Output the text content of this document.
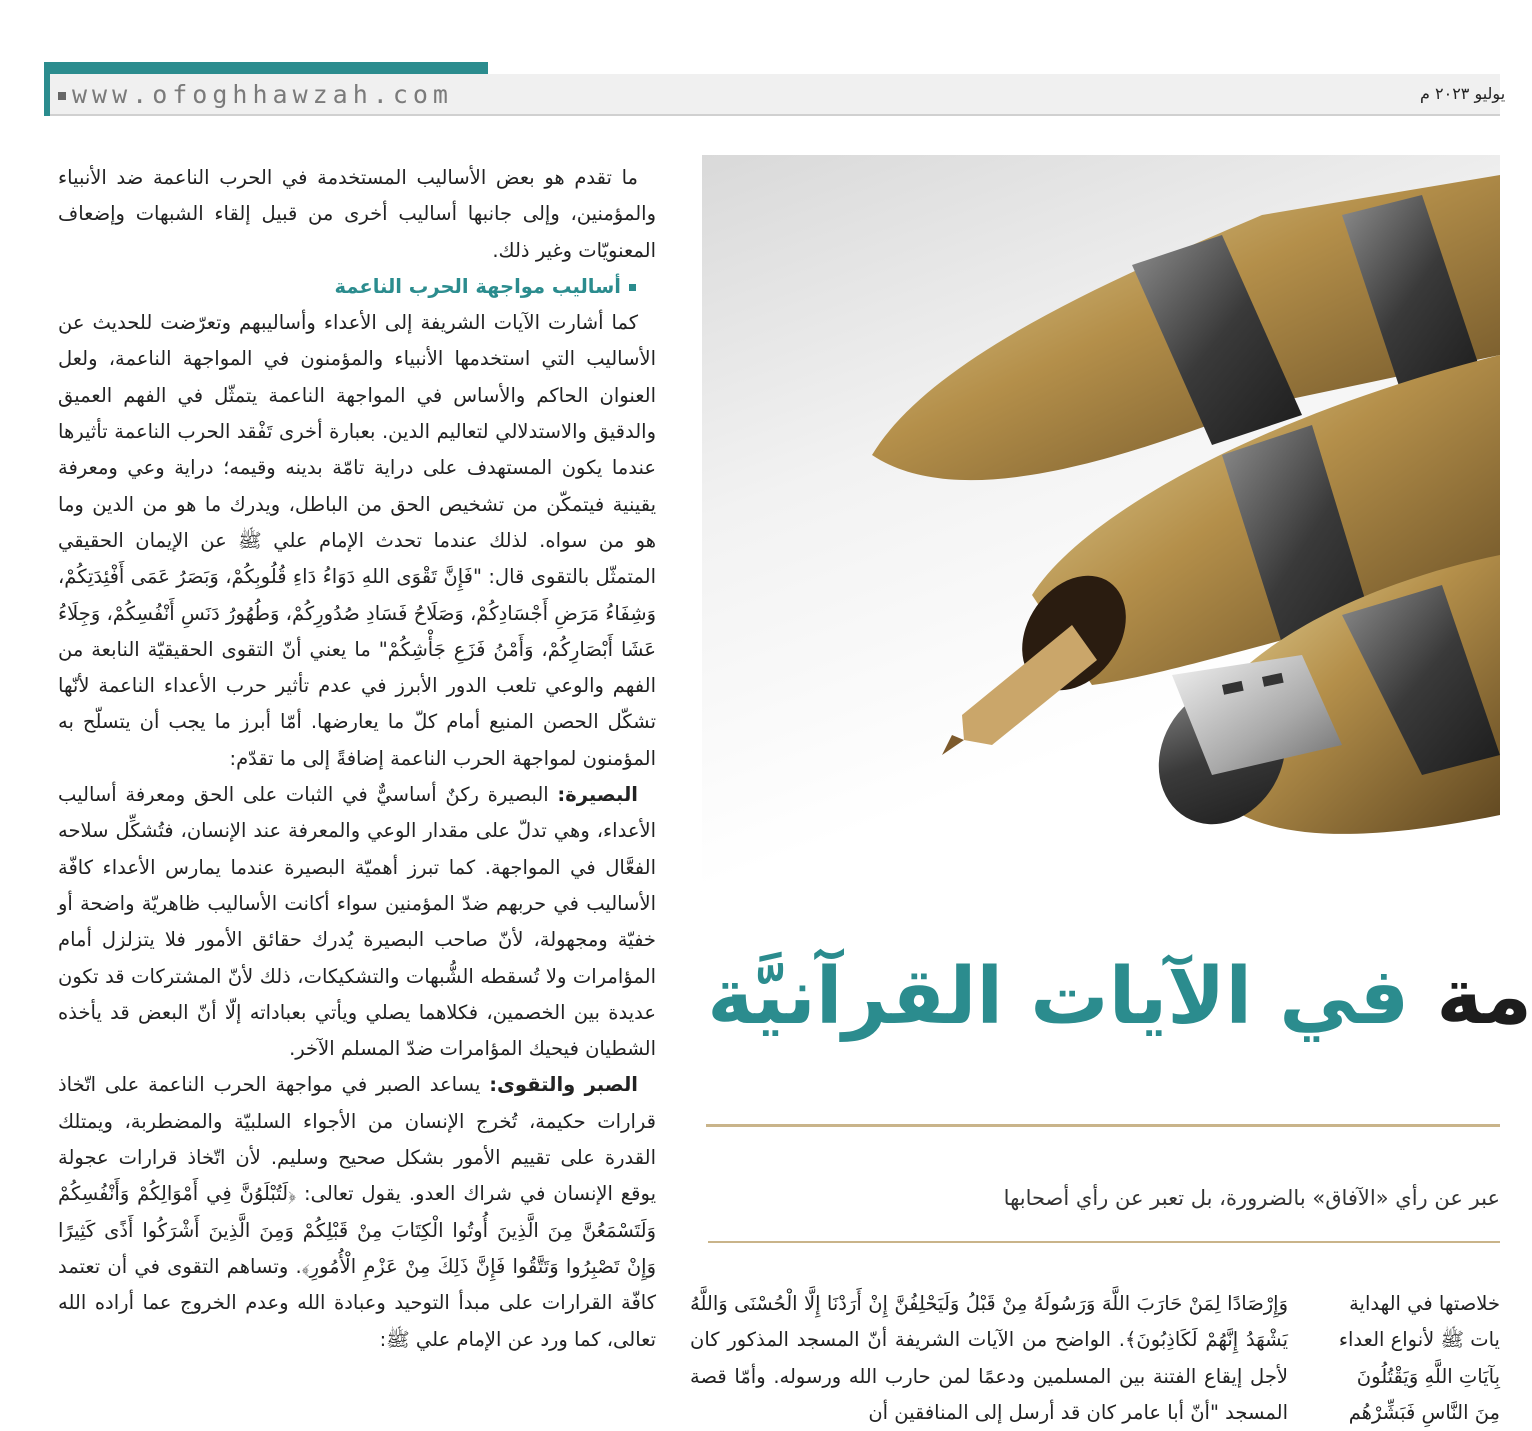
www.ofoghhawzah.com	يوليو ٢٠٢٣ م

ما تقدم هو بعض الأساليب المستخدمة في الحرب الناعمة ضد الأنبياء والمؤمنين، وإلى جانبها أساليب أخرى من قبيل إلقاء الشبهات وإضعاف المعنويّات وغير ذلك.

أساليب مواجهة الحرب الناعمة

كما أشارت الآيات الشريفة إلى الأعداء وأساليبهم وتعرّضت للحديث عن الأساليب التي استخدمها الأنبياء والمؤمنون في المواجهة الناعمة، ولعل العنوان الحاكم والأساس في المواجهة الناعمة يتمثّل في الفهم العميق والدقيق والاستدلالي لتعاليم الدين. بعبارة أخرى تَفْقد الحرب الناعمة تأثيرها عندما يكون المستهدف على دراية تامّة بدينه وقيمه؛ دراية وعي ومعرفة يقينية فيتمكّن من تشخيص الحق من الباطل، ويدرك ما هو من الدين وما هو من سواه. لذلك عندما تحدث الإمام علي ﷺ عن الإيمان الحقيقي المتمثّل بالتقوى قال: "فَإِنَّ تَقْوَى اللهِ دَوَاءُ دَاءِ قُلُوبِكُمْ، وَبَصَرُ عَمَى أَفْئِدَتِكُمْ، وَشِفَاءُ مَرَضِ أَجْسَادِكُمْ، وَصَلَاحُ فَسَادِ صُدُورِكُمْ، وَطُهُورُ دَنَسِ أَنْفُسِكُمْ، وَجِلَاءُ عَشَا أَبْصَارِكُمْ، وَأَمْنُ فَزَعِ جَأْشِكُمْ" ما يعني أنّ التقوى الحقيقيّة النابعة من الفهم والوعي تلعب الدور الأبرز في عدم تأثير حرب الأعداء الناعمة لأنّها تشكّل الحصن المنيع أمام كلّ ما يعارضها. أمّا أبرز ما يجب أن يتسلّح به المؤمنون لمواجهة الحرب الناعمة إضافةً إلى ما تقدّم:

البصيرة: البصيرة ركنٌ أساسيٌّ في الثبات على الحق ومعرفة أساليب الأعداء، وهي تدلّ على مقدار الوعي والمعرفة عند الإنسان، فتُشكِّل سلاحه الفعَّال في المواجهة. كما تبرز أهميّة البصيرة عندما يمارس الأعداء كافّة الأساليب في حربهم ضدّ المؤمنين سواء أكانت الأساليب ظاهريّة واضحة أو خفيّة ومجهولة، لأنّ صاحب البصيرة يُدرك حقائق الأمور فلا يتزلزل أمام المؤامرات ولا تُسقطه الشُّبهات والتشكيكات، ذلك لأنّ المشتركات قد تكون عديدة بين الخصمين، فكلاهما يصلي ويأتي بعباداته إلّا أنّ البعض قد يأخذه الشطيان فيحيك المؤامرات ضدّ المسلم الآخر.

الصبر والتقوى: يساعد الصبر في مواجهة الحرب الناعمة على اتّخاذ قرارات حكيمة، تُخرج الإنسان من الأجواء السلبيّة والمضطربة، ويمتلك القدرة على تقييم الأمور بشكل صحيح وسليم. لأن اتّخاذ قرارات عجولة يوقع الإنسان في شراك العدو. يقول تعالى: ﴿لَتُبْلَوُنَّ فِي أَمْوَالِكُمْ وَأَنْفُسِكُمْ وَلَتَسْمَعُنَّ مِنَ الَّذِينَ أُوتُوا الْكِتَابَ مِنْ قَبْلِكُمْ وَمِنَ الَّذِينَ أَشْرَكُوا أَذًى كَثِيرًا وَإِنْ تَصْبِرُوا وَتَتَّقُوا فَإِنَّ ذَلِكَ مِنْ عَزْمِ الْأُمُورِ﴾. وتساهم التقوى في أن تعتمد كافّة القرارات على مبدأ التوحيد وعبادة الله وعدم الخروج عما أراده الله تعالى، كما ورد عن الإمام علي ﷺ:

مة في الآيات القرآنيَّة
عبر عن رأي «الآفاق» بالضرورة، بل تعبر عن رأي أصحابها

وَإِرْصَادًا لِمَنْ حَارَبَ اللَّهَ وَرَسُولَهُ مِنْ قَبْلُ وَلَيَحْلِفُنَّ إِنْ أَرَدْنَا إِلَّا الْحُسْنَى وَاللَّهُ يَشْهَدُ إِنَّهُمْ لَكَاذِبُونَ﴾. الواضح من الآيات الشريفة أنّ المسجد المذكور كان لأجل إيقاع الفتنة بين المسلمين ودعمًا لمن حارب الله ورسوله. وأمّا قصة المسجد "أنّ أبا عامر كان قد أرسل إلى المنافقين أن

خلاصتها في الهداية

يات ﷺ لأنواع العداء

بِآيَاتِ اللَّهِ وَيَقْتُلُونَ

مِنَ النَّاسِ فَبَشِّرْهُم
